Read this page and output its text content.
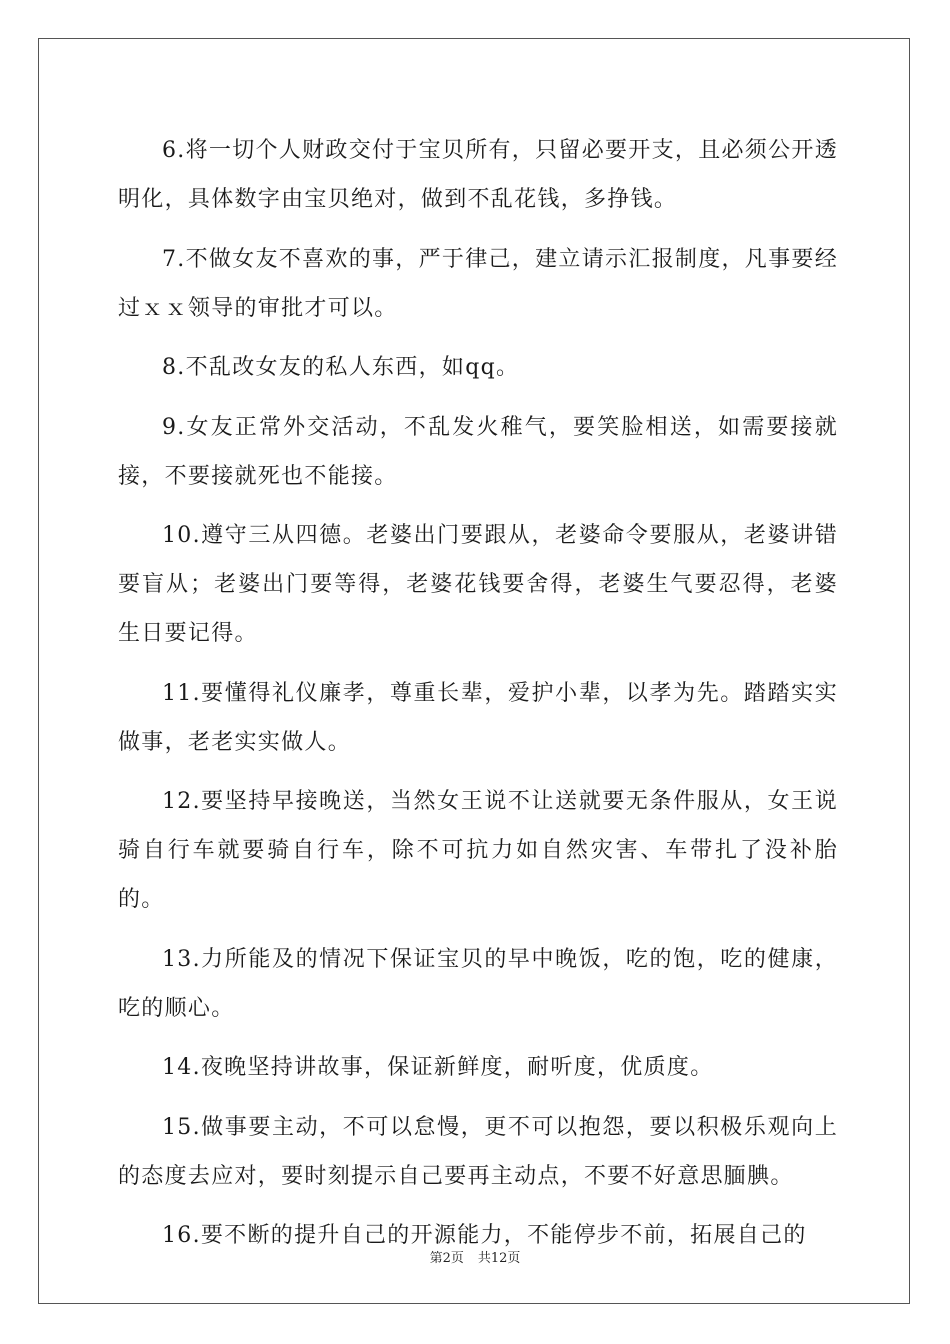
6.将一切个人财政交付于宝贝所有，只留必要开支，且必须公开透明化，具体数字由宝贝绝对，做到不乱花钱，多挣钱。

7.不做女友不喜欢的事，严于律己，建立请示汇报制度，凡事要经过ｘｘ领导的审批才可以。

8.不乱改女友的私人东西，如qq。

9.女友正常外交活动，不乱发火稚气，要笑脸相送，如需要接就接，不要接就死也不能接。

10.遵守三从四德。老婆出门要跟从，老婆命令要服从，老婆讲错要盲从；老婆出门要等得，老婆花钱要舍得，老婆生气要忍得，老婆生日要记得。

11.要懂得礼仪廉孝，尊重长辈，爱护小辈，以孝为先。踏踏实实做事，老老实实做人。

12.要坚持早接晚送，当然女王说不让送就要无条件服从，女王说骑自行车就要骑自行车，除不可抗力如自然灾害、车带扎了没补胎的。

13.力所能及的情况下保证宝贝的早中晚饭，吃的饱，吃的健康，吃的顺心。

14.夜晚坚持讲故事，保证新鲜度，耐听度，优质度。

15.做事要主动，不可以怠慢，更不可以抱怨，要以积极乐观向上的态度去应对，要时刻提示自己要再主动点，不要不好意思腼腆。

16.要不断的提升自己的开源能力，不能停步不前，拓展自己的

第2页 共12页
